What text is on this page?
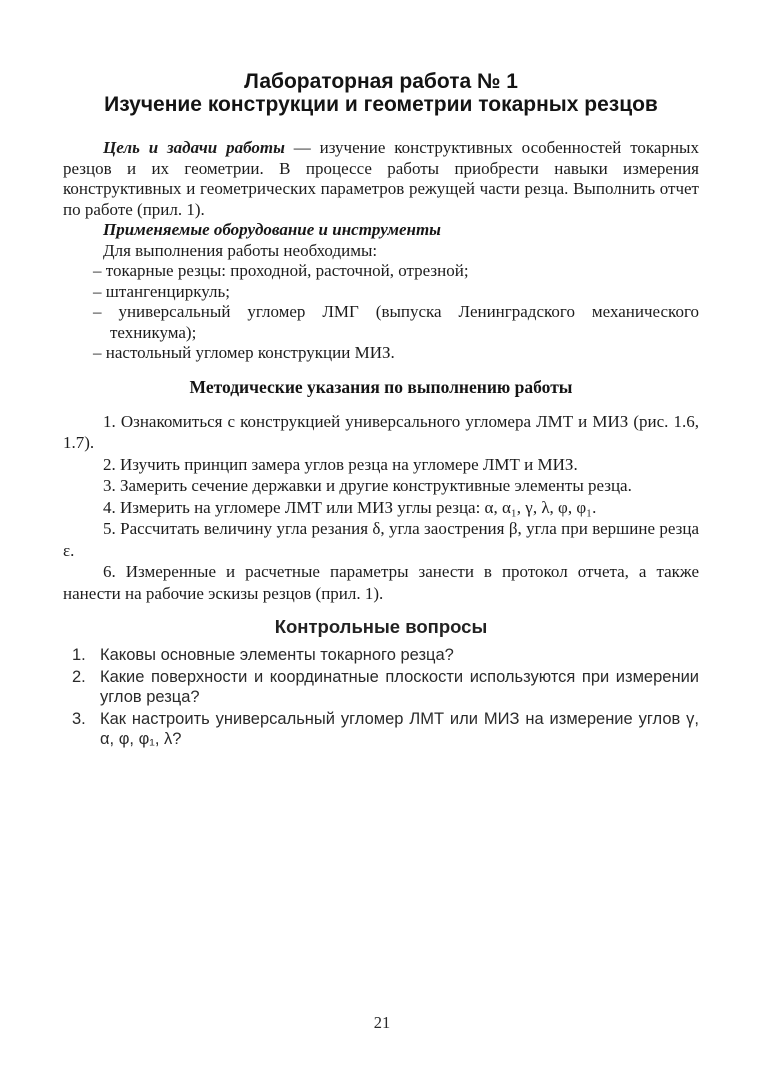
Лабораторная работа № 1
Изучение конструкции и геометрии токарных резцов

Цель и задачи работы — изучение конструктивных особенностей токарных резцов и их геометрии. В процессе работы приобрести навыки измерения конструктивных и геометрических параметров режущей части резца. Выполнить отчет по работе (прил. 1).

Применяемые оборудование и инструменты

Для выполнения работы необходимы:

– токарные резцы: проходной, расточной, отрезной;
– штангенциркуль;
– универсальный угломер ЛМГ (выпуска Ленинградского механического техникума);
– настольный угломер конструкции МИЗ.
Методические указания по выполнению работы

1. Ознакомиться с конструкцией универсального угломера ЛМТ и МИЗ (рис. 1.6, 1.7).

2. Изучить принцип замера углов резца на угломере ЛМТ и МИЗ.

3. Замерить сечение державки и другие конструктивные элементы резца.

4. Измерить на угломере ЛМТ или МИЗ углы резца: α, α₁, γ, λ, φ, φ₁.

5. Рассчитать величину угла резания δ, угла заострения β, угла при вершине резца ε.

6. Измеренные и расчетные параметры занести в протокол отчета, а также нанести на рабочие эскизы резцов (прил. 1).

Контрольные вопросы
1. Каковы основные элементы токарного резца?
2. Какие поверхности и координатные плоскости используются при измерении углов резца?
3. Как настроить универсальный угломер ЛМТ или МИЗ на измерение углов γ, α, φ, φ₁, λ?
21
